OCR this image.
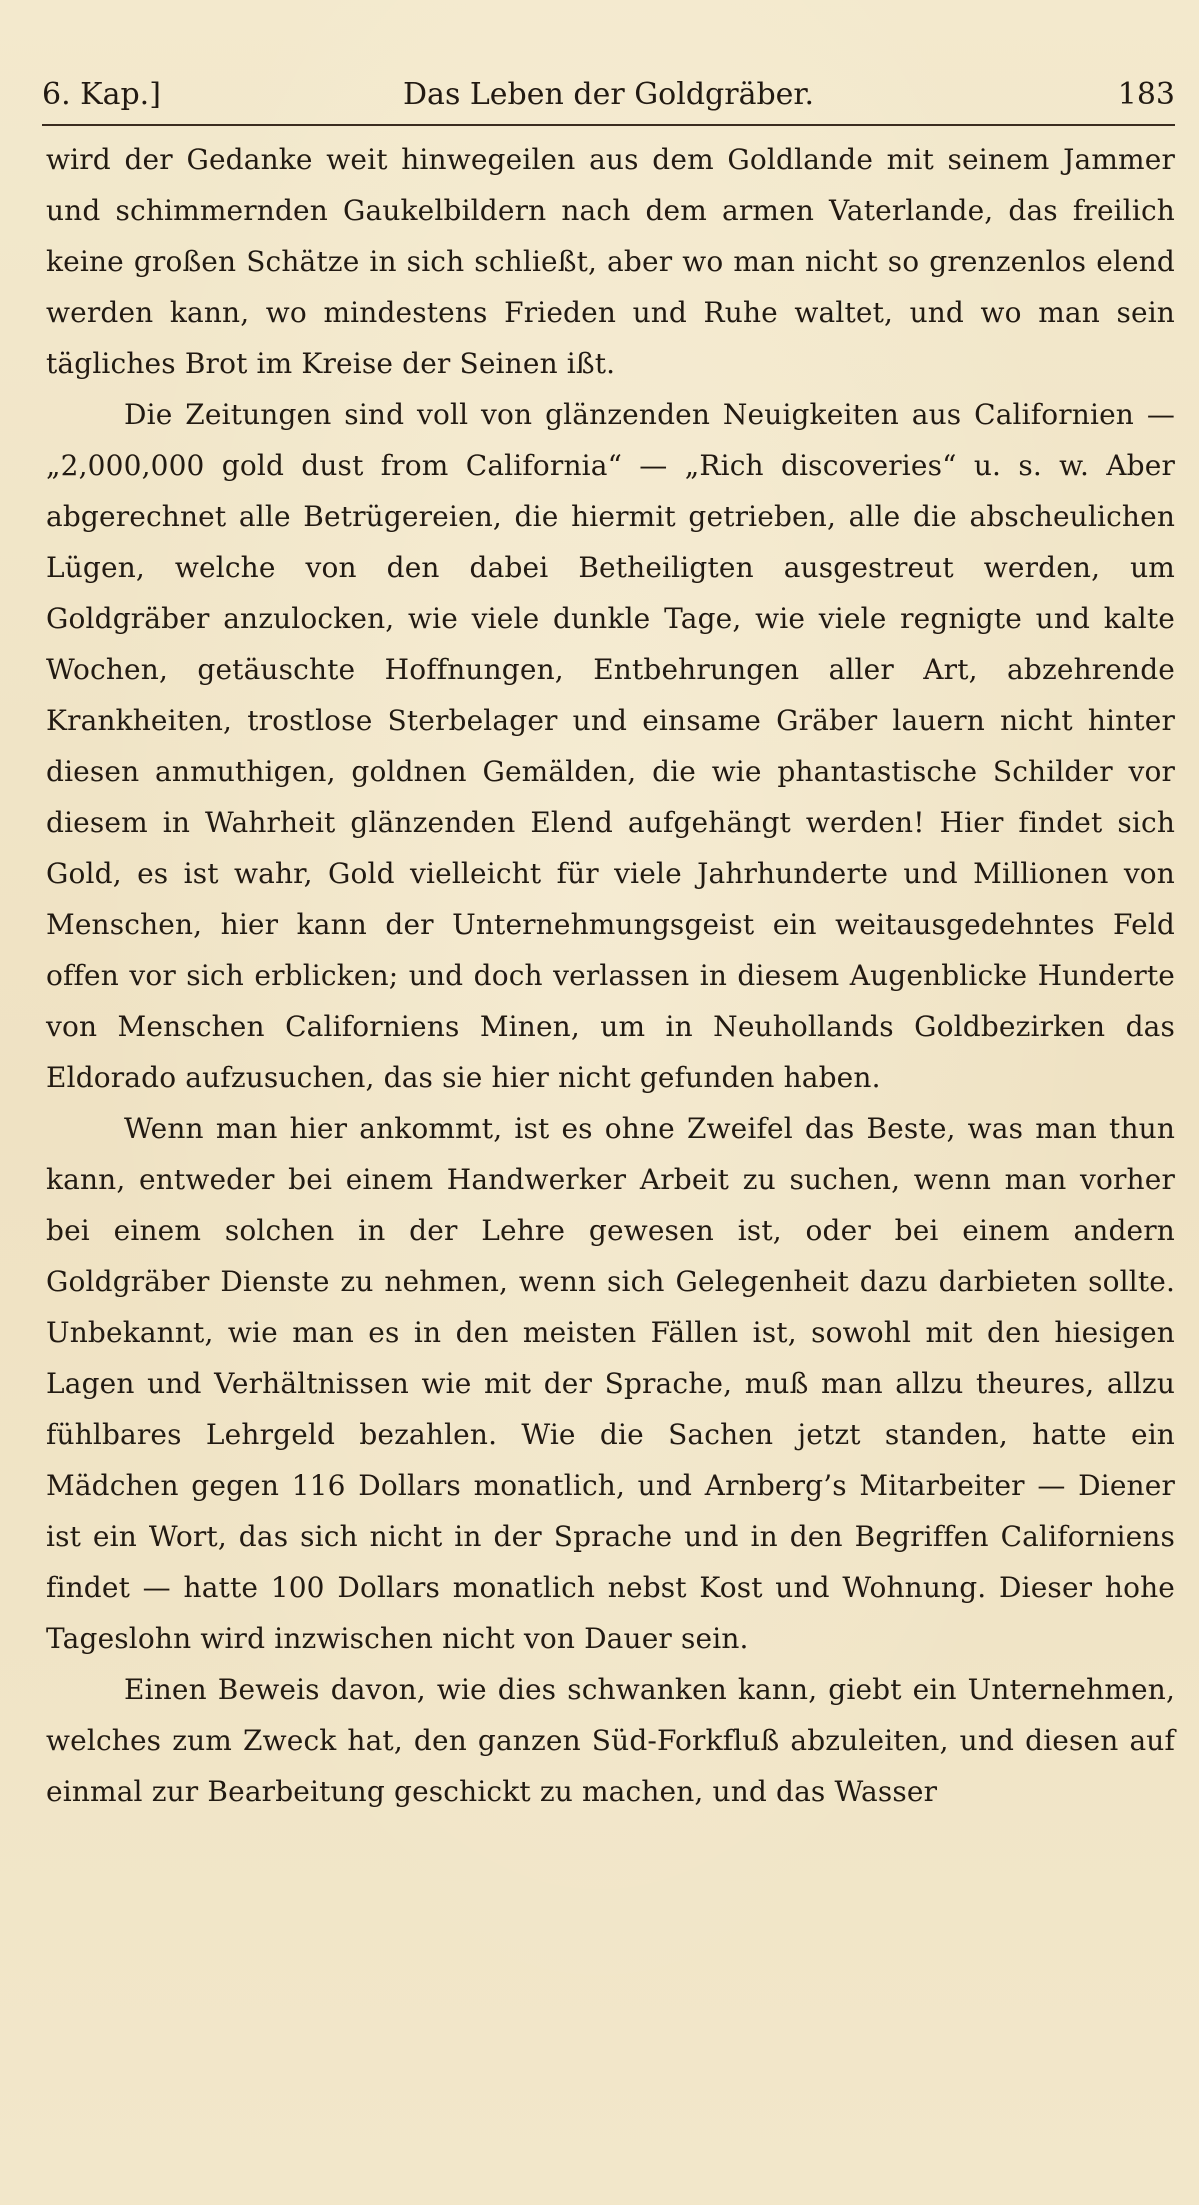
6. Kap.]	Das Leben der Goldgräber.	183

wird der Gedanke weit hinwegeilen aus dem Goldlande mit seinem Jammer und schimmernden Gaukelbildern nach dem armen Vaterlande, das freilich keine großen Schätze in sich schließt, aber wo man nicht so grenzenlos elend werden kann, wo mindestens Frieden und Ruhe waltet, und wo man sein tägliches Brot im Kreise der Seinen ißt.

Die Zeitungen sind voll von glänzenden Neuigkeiten aus Californien — „2,000,000 gold dust from California“ — „Rich discoveries“ u. s. w. Aber abgerechnet alle Betrügereien, die hiermit getrieben, alle die abscheulichen Lügen, welche von den dabei Betheiligten ausgestreut werden, um Goldgräber anzulocken, wie viele dunkle Tage, wie viele regnigte und kalte Wochen, getäuschte Hoffnungen, Entbehrungen aller Art, abzehrende Krankheiten, trostlose Sterbelager und einsame Gräber lauern nicht hinter diesen anmuthigen, goldnen Gemälden, die wie phantastische Schilder vor diesem in Wahrheit glänzenden Elend aufgehängt werden! Hier findet sich Gold, es ist wahr, Gold vielleicht für viele Jahrhunderte und Millionen von Menschen, hier kann der Unternehmungsgeist ein weitausgedehntes Feld offen vor sich erblicken; und doch verlassen in diesem Augenblicke Hunderte von Menschen Californiens Minen, um in Neuhollands Goldbezirken das Eldorado aufzusuchen, das sie hier nicht gefunden haben.

Wenn man hier ankommt, ist es ohne Zweifel das Beste, was man thun kann, entweder bei einem Handwerker Arbeit zu suchen, wenn man vorher bei einem solchen in der Lehre gewesen ist, oder bei einem andern Goldgräber Dienste zu nehmen, wenn sich Gelegenheit dazu darbieten sollte. Unbekannt, wie man es in den meisten Fällen ist, sowohl mit den hiesigen Lagen und Verhältnissen wie mit der Sprache, muß man allzu theures, allzu fühlbares Lehrgeld bezahlen. Wie die Sachen jetzt standen, hatte ein Mädchen gegen 116 Dollars monatlich, und Arnberg’s Mitarbeiter — Diener ist ein Wort, das sich nicht in der Sprache und in den Begriffen Californiens findet — hatte 100 Dollars monatlich nebst Kost und Wohnung. Dieser hohe Tageslohn wird inzwischen nicht von Dauer sein.

Einen Beweis davon, wie dies schwanken kann, giebt ein Unternehmen, welches zum Zweck hat, den ganzen Süd-Forkfluß abzuleiten, und diesen auf einmal zur Bearbeitung geschickt zu machen, und das Wasser
